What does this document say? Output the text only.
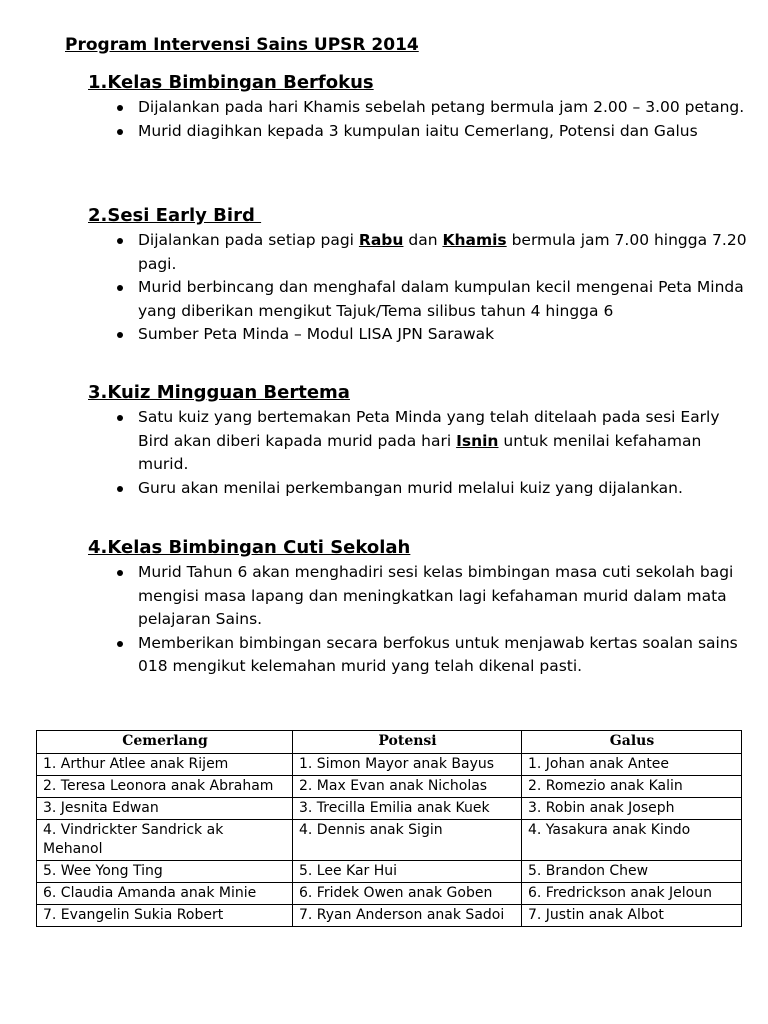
Program Intervensi Sains UPSR 2014
1.Kelas Bimbingan Berfokus
Dijalankan pada hari Khamis sebelah petang bermula jam 2.00 – 3.00 petang.
Murid diagihkan kepada 3 kumpulan iaitu Cemerlang, Potensi dan Galus
2.Sesi Early Bird
Dijalankan pada setiap pagi Rabu dan Khamis bermula jam 7.00 hingga 7.20 pagi.
Murid berbincang dan menghafal dalam kumpulan kecil mengenai Peta Minda yang diberikan mengikut Tajuk/Tema silibus tahun 4 hingga 6
Sumber Peta Minda – Modul LISA JPN Sarawak
3.Kuiz Mingguan Bertema
Satu kuiz yang bertemakan Peta Minda yang telah ditelaah pada sesi Early Bird akan diberi kapada murid pada hari Isnin untuk menilai kefahaman murid.
Guru akan menilai perkembangan murid melalui kuiz yang dijalankan.
4.Kelas Bimbingan Cuti Sekolah
Murid Tahun 6 akan menghadiri sesi kelas bimbingan masa cuti sekolah bagi mengisi masa lapang dan meningkatkan lagi kefahaman murid dalam mata pelajaran Sains.
Memberikan bimbingan secara berfokus untuk menjawab kertas soalan sains 018 mengikut kelemahan murid yang telah dikenal pasti.
Cemerlang	Potensi	Galus
1. Arthur Atlee anak Rijem	1. Simon Mayor anak Bayus	1. Johan anak Antee
2. Teresa Leonora anak Abraham	2. Max Evan anak Nicholas	2. Romezio anak Kalin
3. Jesnita Edwan	3. Trecilla Emilia anak Kuek	3. Robin anak Joseph
4. Vindrickter Sandrick ak Mehanol	4. Dennis anak Sigin	4. Yasakura anak Kindo
5. Wee Yong Ting	5. Lee Kar Hui	5. Brandon Chew
6. Claudia Amanda anak Minie	6. Fridek Owen anak Goben	6. Fredrickson anak Jeloun
7. Evangelin Sukia Robert	7. Ryan Anderson anak Sadoi	7. Justin anak Albot
